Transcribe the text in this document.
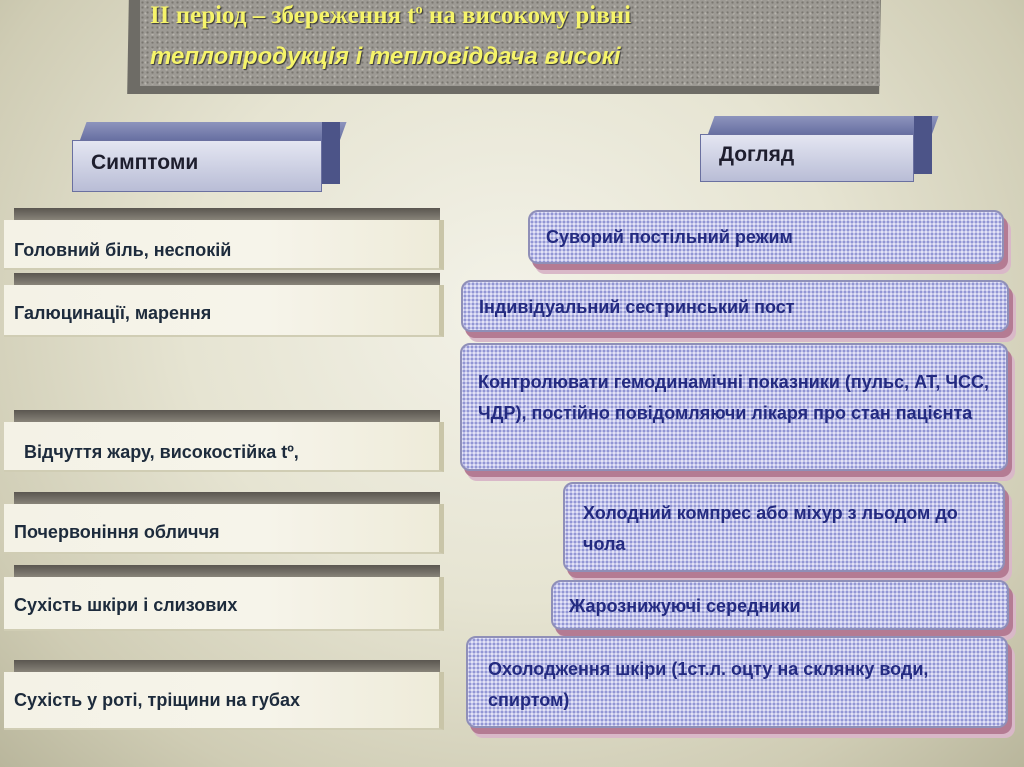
II період – збереження $t^o$ на високому рівні
теплопродукція і тепловіддача високі
Симптоми	Догляд
Головний біль, неспокій
Галюцинації, марення
Відчуття жару, високостійка tº,
Почервоніння обличчя
Сухість шкіри і слизових
Сухість у роті, тріщини на губах
Суворий постільний режим
Індивідуальний сестринський пост
Контролювати гемодинамічні показники (пульс, АТ, ЧСС, ЧДР), постійно повідомляючи лікаря про стан пацієнта
Холодний компрес або міхур з льодом до чола
Жарознижуючі середники
Охолодження шкіри (1ст.л. оцту на склянку води, спиртом)
